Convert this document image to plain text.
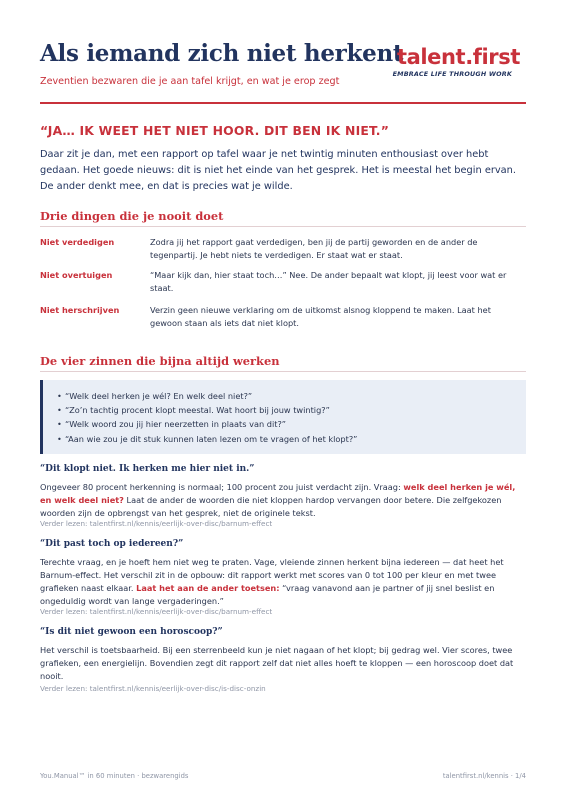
Als iemand zich niet herkent
Zeventien bezwaren die je aan tafel krijgt, en wat je erop zegt
talent.first
EMBRACE LIFE THROUGH WORK
“JA… IK WEET HET NIET HOOR. DIT BEN IK NIET.”

Daar zit je dan, met een rapport op tafel waar je net twintig minuten enthousiast over hebt gedaan. Het goede nieuws: dit is niet het einde van het gesprek. Het is meestal het begin ervan. De ander denkt mee, en dat is precies wat je wilde.

Drie dingen die je nooit doet
Niet verdedigen	Zodra jij het rapport gaat verdedigen, ben jij de partij geworden en de ander de tegenpartij. Je hebt niets te verdedigen. Er staat wat er staat.
Niet overtuigen	“Maar kijk dan, hier staat toch…” Nee. De ander bepaalt wat klopt, jij leest voor wat er staat.
Niet herschrijven	Verzin geen nieuwe verklaring om de uitkomst alsnog kloppend te maken. Laat het gewoon staan als iets dat niet klopt.
De vier zinnen die bijna altijd werken
• “Welk deel herken je wél? En welk deel niet?”
• “Zo’n tachtig procent klopt meestal. Wat hoort bij jouw twintig?”
• “Welk woord zou jij hier neerzetten in plaats van dit?”
• “Aan wie zou je dit stuk kunnen laten lezen om te vragen of het klopt?”
“Dit klopt niet. Ik herken me hier niet in.”

Ongeveer 80 procent herkenning is normaal; 100 procent zou juist verdacht zijn. Vraag: welk deel herken je wél, en welk deel niet? Laat de ander de woorden die niet kloppen hardop vervangen door betere. Die zelfgekozen woorden zijn de opbrengst van het gesprek, niet de originele tekst.

Verder lezen: talentfirst.nl/kennis/eerlijk-over-disc/barnum-effect
“Dit past toch op iedereen?”

Terechte vraag, en je hoeft hem niet weg te praten. Vage, vleiende zinnen herkent bijna iedereen — dat heet het Barnum-effect. Het verschil zit in de opbouw: dit rapport werkt met scores van 0 tot 100 per kleur en met twee grafieken naast elkaar. Laat het aan de ander toetsen: “vraag vanavond aan je partner of jij snel beslist en ongeduldig wordt van lange vergaderingen.”

Verder lezen: talentfirst.nl/kennis/eerlijk-over-disc/barnum-effect
“Is dit niet gewoon een horoscoop?”

Het verschil is toetsbaarheid. Bij een sterrenbeeld kun je niet nagaan of het klopt; bij gedrag wel. Vier scores, twee grafieken, een energielijn. Bovendien zegt dit rapport zelf dat niet alles hoeft te kloppen — een horoscoop doet dat nooit.

Verder lezen: talentfirst.nl/kennis/eerlijk-over-disc/is-disc-onzin
You.Manual™ in 60 minuten · bezwarengids	talentfirst.nl/kennis · 1/4
